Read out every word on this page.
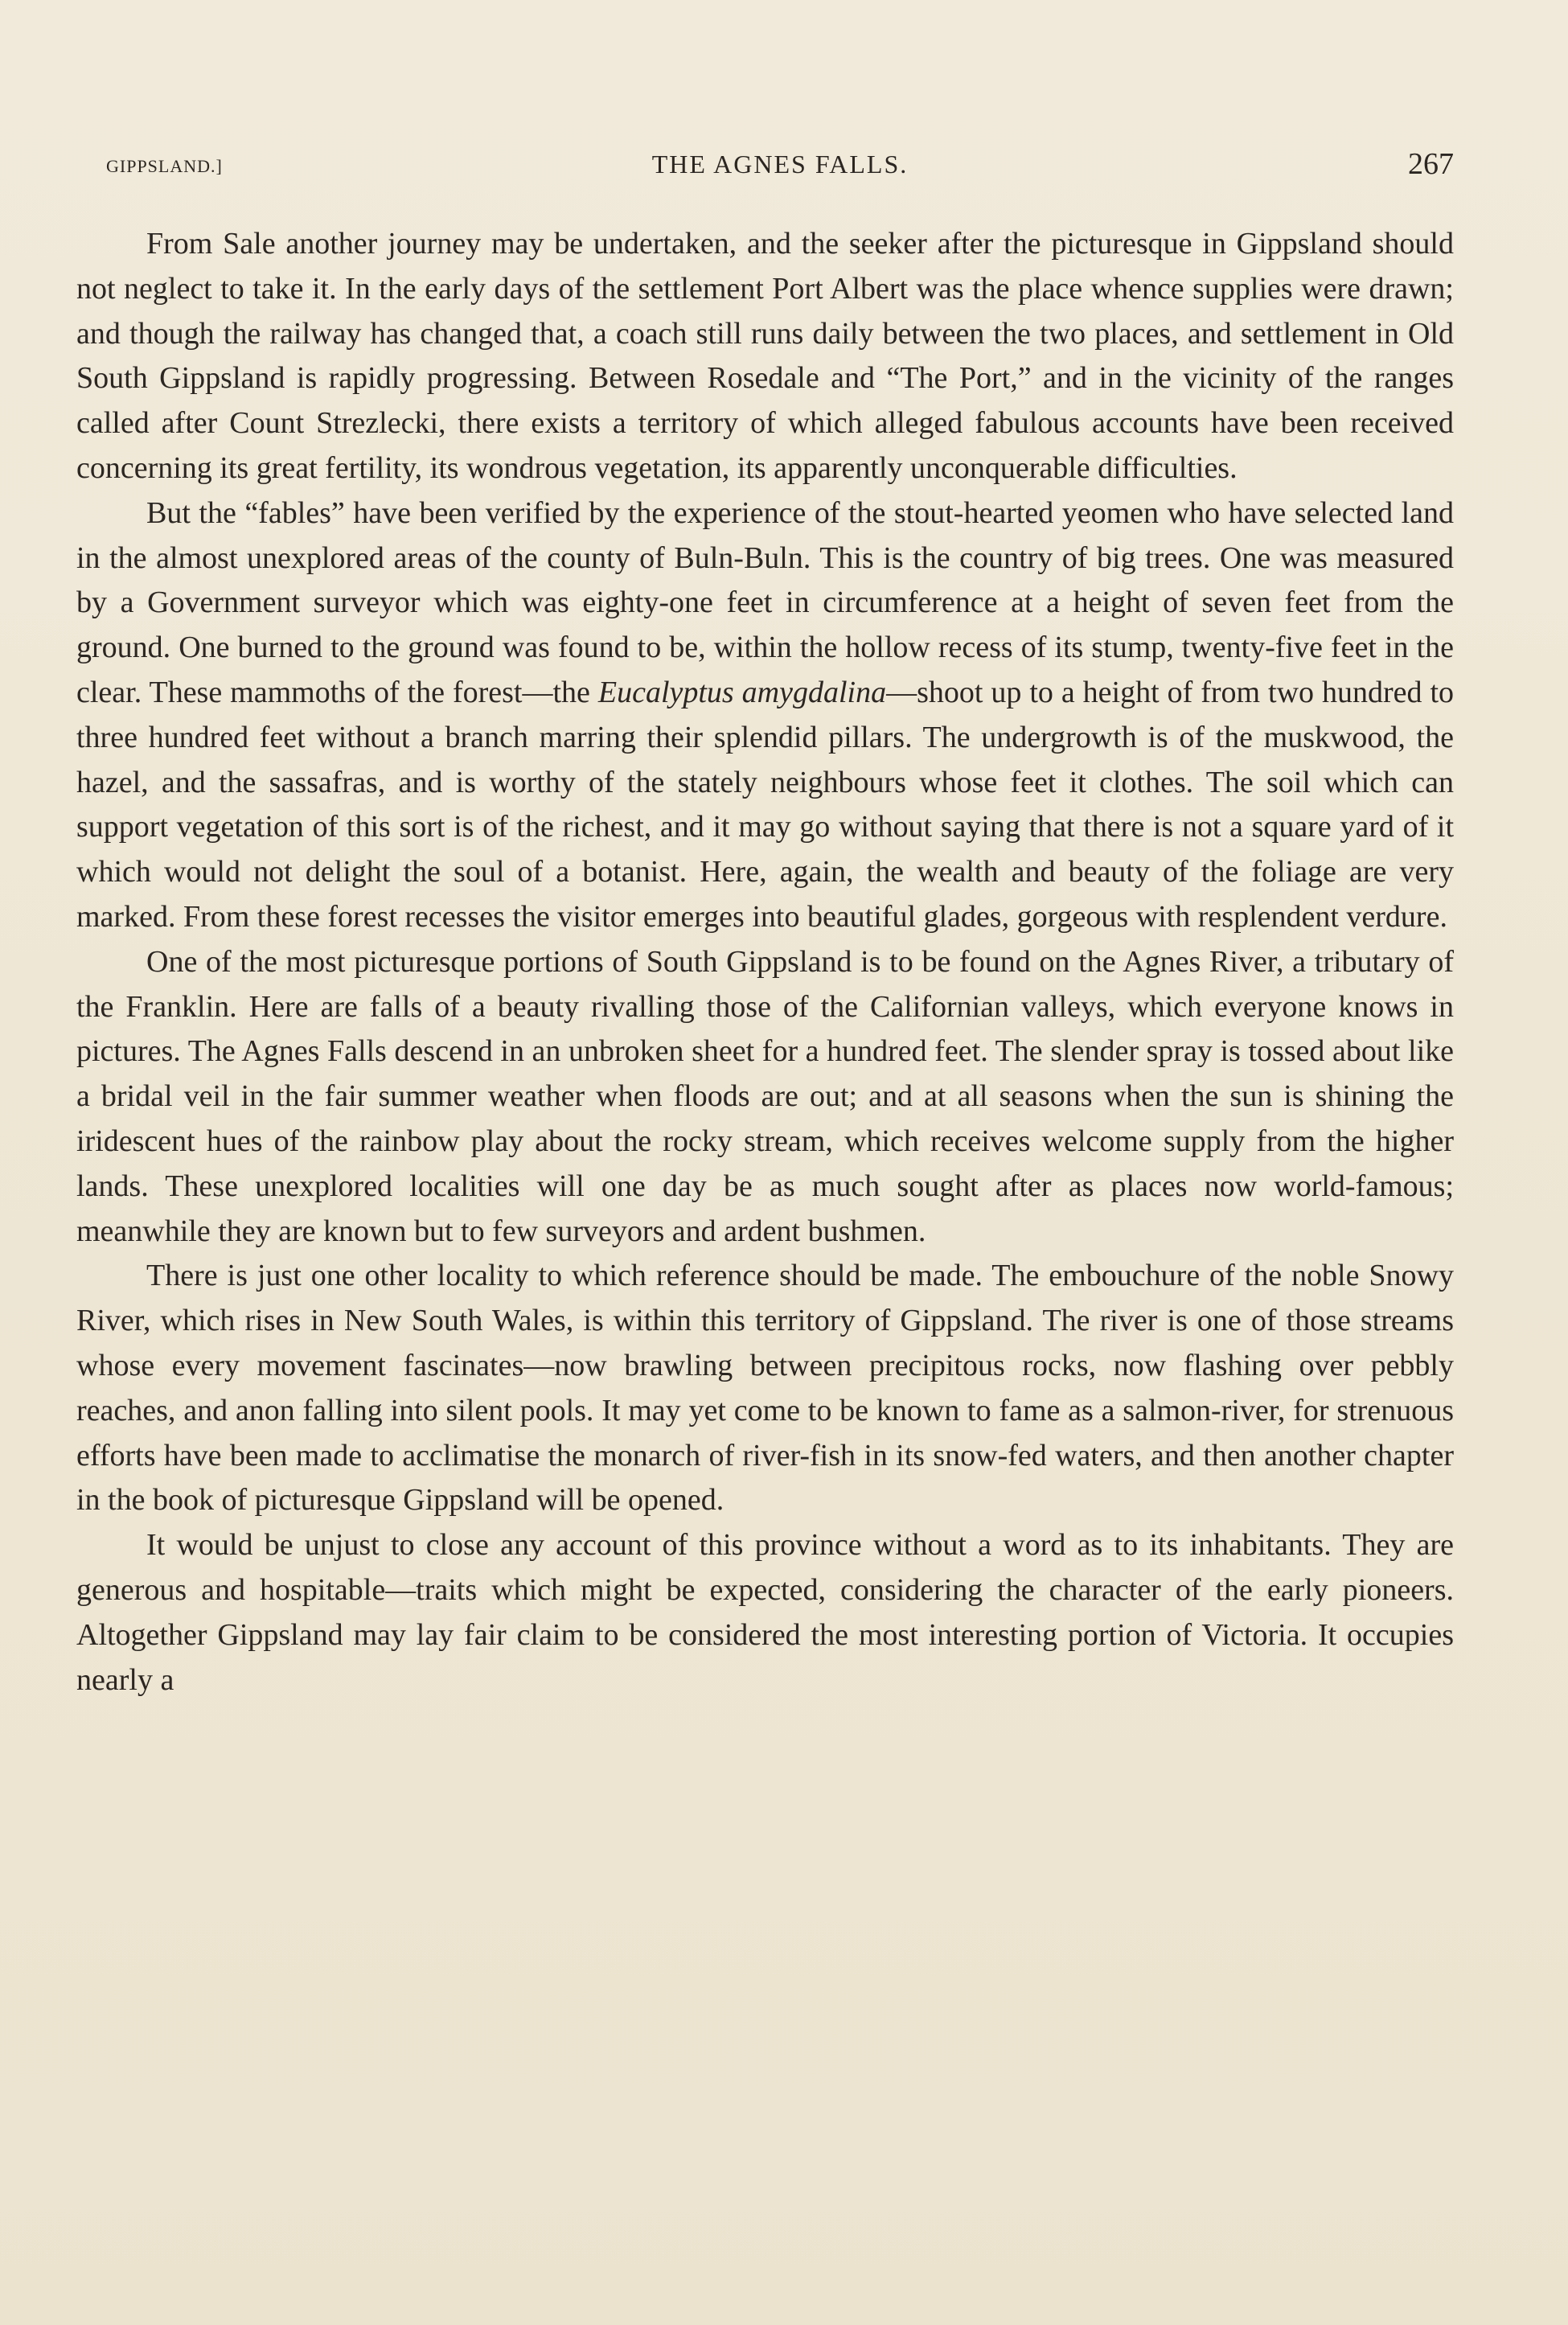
GIPPSLAND.]	THE AGNES FALLS.	267

From Sale another journey may be undertaken, and the seeker after the picturesque in Gippsland should not neglect to take it. In the early days of the settlement Port Albert was the place whence supplies were drawn; and though the railway has changed that, a coach still runs daily between the two places, and settlement in Old South Gippsland is rapidly progressing. Between Rosedale and “The Port,” and in the vicinity of the ranges called after Count Strezlecki, there exists a territory of which alleged fabulous accounts have been received concerning its great fertility, its wondrous vegetation, its apparently unconquerable difficulties.

But the “fables” have been verified by the experience of the stout-hearted yeomen who have selected land in the almost unexplored areas of the county of Buln-Buln. This is the country of big trees. One was measured by a Government surveyor which was eighty-one feet in circumference at a height of seven feet from the ground. One burned to the ground was found to be, within the hollow recess of its stump, twenty-five feet in the clear. These mammoths of the forest—the Eucalyptus amygdalina—shoot up to a height of from two hundred to three hundred feet without a branch marring their splendid pillars. The undergrowth is of the muskwood, the hazel, and the sassafras, and is worthy of the stately neighbours whose feet it clothes. The soil which can support vegetation of this sort is of the richest, and it may go without saying that there is not a square yard of it which would not delight the soul of a botanist. Here, again, the wealth and beauty of the foliage are very marked. From these forest recesses the visitor emerges into beautiful glades, gorgeous with resplendent verdure.

One of the most picturesque portions of South Gippsland is to be found on the Agnes River, a tributary of the Franklin. Here are falls of a beauty rivalling those of the Californian valleys, which everyone knows in pictures. The Agnes Falls descend in an unbroken sheet for a hundred feet. The slender spray is tossed about like a bridal veil in the fair summer weather when floods are out; and at all seasons when the sun is shining the iridescent hues of the rainbow play about the rocky stream, which receives welcome supply from the higher lands. These unexplored localities will one day be as much sought after as places now world-famous; meanwhile they are known but to few surveyors and ardent bushmen.

There is just one other locality to which reference should be made. The embouchure of the noble Snowy River, which rises in New South Wales, is within this territory of Gippsland. The river is one of those streams whose every movement fascinates—now brawling between precipitous rocks, now flashing over pebbly reaches, and anon falling into silent pools. It may yet come to be known to fame as a salmon-river, for strenuous efforts have been made to acclimatise the monarch of river-fish in its snow-fed waters, and then another chapter in the book of picturesque Gippsland will be opened.

It would be unjust to close any account of this province without a word as to its inhabitants. They are generous and hospitable—traits which might be expected, considering the character of the early pioneers. Altogether Gippsland may lay fair claim to be considered the most interesting portion of Victoria. It occupies nearly a
